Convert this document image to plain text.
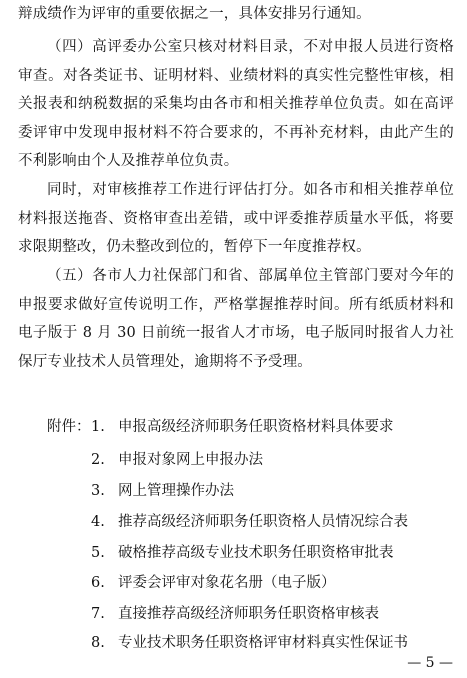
辩成绩作为评审的重要依据之一，具体安排另行通知。

（四）高评委办公室只核对材料目录，不对申报人员进行资格审查。对各类证书、证明材料、业绩材料的真实性完整性审核，相关报表和纳税数据的采集均由各市和相关推荐单位负责。如在高评委评审中发现申报材料不符合要求的，不再补充材料，由此产生的不利影响由个人及推荐单位负责。

同时，对审核推荐工作进行评估打分。如各市和相关推荐单位材料报送拖沓、资格审查出差错，或中评委推荐质量水平低，将要求限期整改，仍未整改到位的，暂停下一年度推荐权。

（五）各市人力社保部门和省、部属单位主管部门要对今年的申报要求做好宣传说明工作，严格掌握推荐时间。所有纸质材料和电子版于 8 月 30 日前统一报省人才市场，电子版同时报省人力社保厅专业技术人员管理处，逾期将不予受理。

附件： 1. 申报高级经济师职务任职资格材料具体要求
2. 申报对象网上申报办法
3. 网上管理操作办法
4. 推荐高级经济师职务任职资格人员情况综合表
5. 破格推荐高级专业技术职务任职资格审批表
6. 评委会评审对象花名册（电子版）
7. 直接推荐高级经济师职务任职资格审核表
8. 专业技术职务任职资格评审材料真实性保证书
— 5 —
